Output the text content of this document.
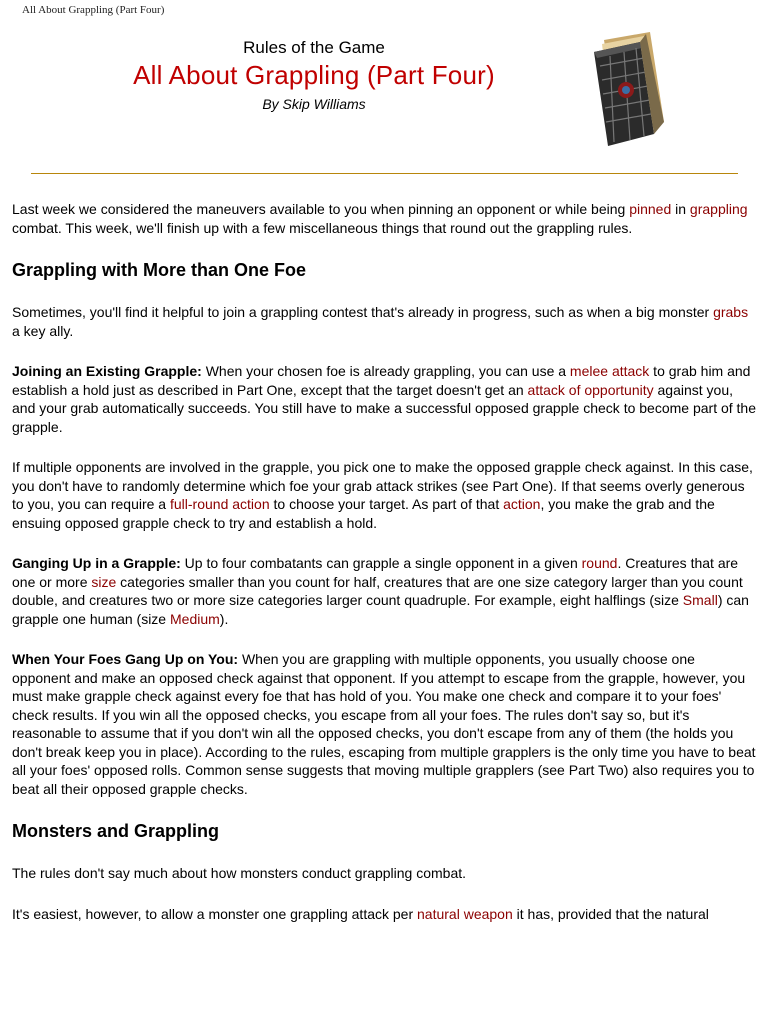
All About Grappling (Part Four)
Rules of the Game
All About Grappling (Part Four)
By Skip Williams

Last week we considered the maneuvers available to you when pinning an opponent or while being pinned in grappling combat. This week, we'll finish up with a few miscellaneous things that round out the grappling rules.

Grappling with More than One Foe

Sometimes, you'll find it helpful to join a grappling contest that's already in progress, such as when a big monster grabs a key ally.

Joining an Existing Grapple: When your chosen foe is already grappling, you can use a melee attack to grab him and establish a hold just as described in Part One, except that the target doesn't get an attack of opportunity against you, and your grab automatically succeeds. You still have to make a successful opposed grapple check to become part of the grapple.

If multiple opponents are involved in the grapple, you pick one to make the opposed grapple check against. In this case, you don't have to randomly determine which foe your grab attack strikes (see Part One). If that seems overly generous to you, you can require a full-round action to choose your target. As part of that action, you make the grab and the ensuing opposed grapple check to try and establish a hold.

Ganging Up in a Grapple: Up to four combatants can grapple a single opponent in a given round. Creatures that are one or more size categories smaller than you count for half, creatures that are one size category larger than you count double, and creatures two or more size categories larger count quadruple. For example, eight halflings (size Small) can grapple one human (size Medium).

When Your Foes Gang Up on You: When you are grappling with multiple opponents, you usually choose one opponent and make an opposed check against that opponent. If you attempt to escape from the grapple, however, you must make grapple check against every foe that has hold of you. You make one check and compare it to your foes' check results. If you win all the opposed checks, you escape from all your foes. The rules don't say so, but it's reasonable to assume that if you don't win all the opposed checks, you don't escape from any of them (the holds you don't break keep you in place). According to the rules, escaping from multiple grapplers is the only time you have to beat all your foes' opposed rolls. Common sense suggests that moving multiple grapplers (see Part Two) also requires you to beat all their opposed grapple checks.

Monsters and Grappling

The rules don't say much about how monsters conduct grappling combat.

It's easiest, however, to allow a monster one grappling attack per natural weapon it has, provided that the natural
